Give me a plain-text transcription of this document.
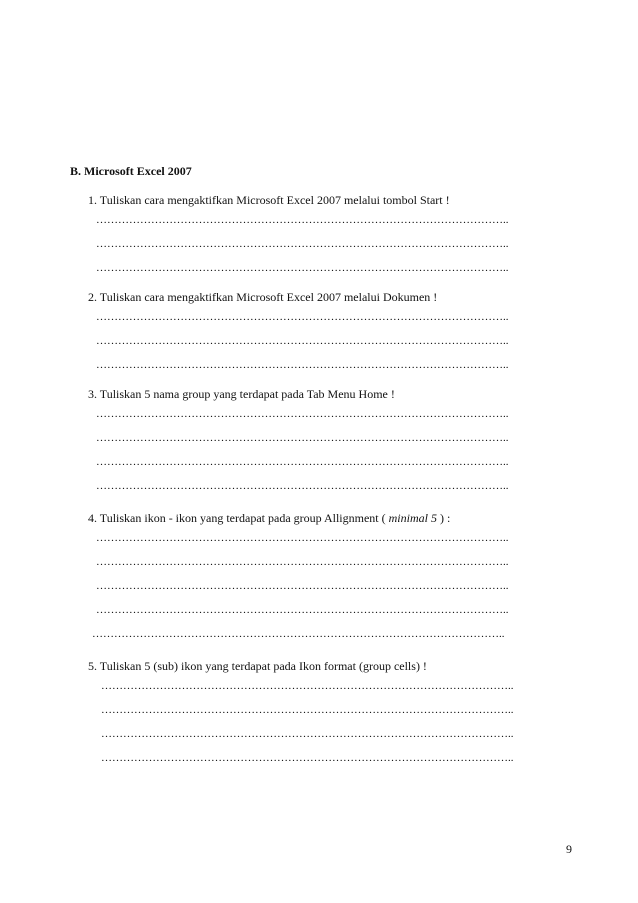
B. Microsoft Excel 2007
1. Tuliskan cara mengaktifkan Microsoft Excel 2007 melalui tombol Start !
…………………………………………………………………………………………………..
…………………………………………………………………………………………………..
…………………………………………………………………………………………………..
2. Tuliskan cara mengaktifkan Microsoft Excel 2007 melalui Dokumen !
…………………………………………………………………………………………………..
…………………………………………………………………………………………………..
…………………………………………………………………………………………………..
3. Tuliskan 5 nama group yang terdapat pada Tab Menu Home !
…………………………………………………………………………………………………..
…………………………………………………………………………………………………..
…………………………………………………………………………………………………..
…………………………………………………………………………………………………..
4. Tuliskan ikon - ikon yang terdapat pada group Allignment ( minimal 5 ) :
…………………………………………………………………………………………………..
…………………………………………………………………………………………………..
…………………………………………………………………………………………………..
…………………………………………………………………………………………………..
…………………………………………………………………………………………………..
5. Tuliskan 5 (sub) ikon yang terdapat pada Ikon format (group cells) !
…………………………………………………………………………………………………..
…………………………………………………………………………………………………..
…………………………………………………………………………………………………..
…………………………………………………………………………………………………..
9
